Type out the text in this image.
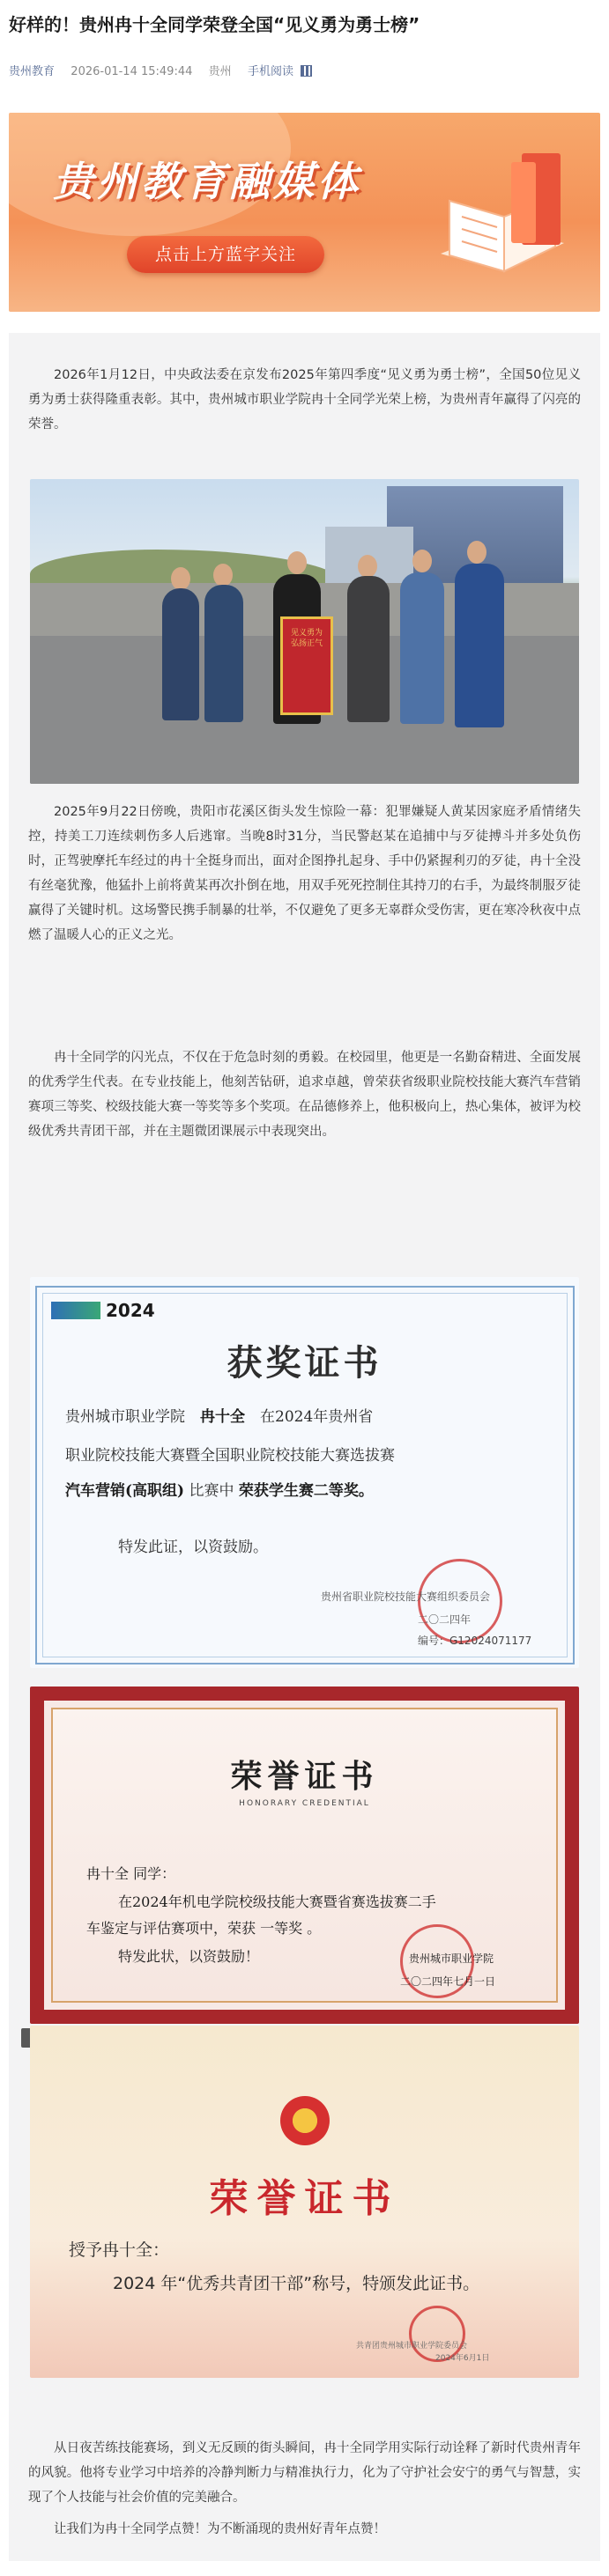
好样的！贵州冉十全同学荣登全国“见义勇为勇士榜”
贵州教育 2026-01-14 15:49:44 贵州 手机阅读
贵州教育融媒体
点击上方蓝字关注

2026年1月12日，中央政法委在京发布2025年第四季度“见义勇为勇士榜”，全国50位见义勇为勇士获得隆重表彰。其中，贵州城市职业学院冉十全同学光荣上榜，为贵州青年赢得了闪亮的荣誉。

见义勇为 弘扬正气

2025年9月22日傍晚，贵阳市花溪区街头发生惊险一幕：犯罪嫌疑人黄某因家庭矛盾情绪失控，持美工刀连续刺伤多人后逃窜。当晚8时31分，当民警赵某在追捕中与歹徒搏斗并多处负伤时，正驾驶摩托车经过的冉十全挺身而出，面对企图挣扎起身、手中仍紧握利刃的歹徒，冉十全没有丝毫犹豫，他猛扑上前将黄某再次扑倒在地，用双手死死控制住其持刀的右手，为最终制服歹徒赢得了关键时机。这场警民携手制暴的壮举，不仅避免了更多无辜群众受伤害，更在寒冷秋夜中点燃了温暖人心的正义之光。

冉十全同学的闪光点，不仅在于危急时刻的勇毅。在校园里，他更是一名勤奋精进、全面发展的优秀学生代表。在专业技能上，他刻苦钻研，追求卓越，曾荣获省级职业院校技能大赛汽车营销赛项三等奖、校级技能大赛一等奖等多个奖项。在品德修养上，他积极向上，热心集体，被评为校级优秀共青团干部，并在主题微团课展示中表现突出。

2024
获奖证书
贵州城市职业学院　 冉十全　 在2024年贵州省
职业院校技能大赛暨全国职业院校技能大赛选拔赛
汽车营销(高职组) 比赛中 荣获学生赛二等奖。
特发此证，以资鼓励。
贵州省职业院校技能大赛组织委员会
二〇二四年
编号：G12024071177
荣誉证书
HONORARY CREDENTIAL
冉十全 同学：
在2024年机电学院校级技能大赛暨省赛选拔赛二手
车鉴定与评估赛项中，荣获 一等奖 。
特发此状，以资鼓励！	贵州城市职业学院
二〇二四年七月一日
荣誉证书
授予冉十全：
2024 年“优秀共青团干部”称号，特颁发此证书。
共青团贵州城市职业学院委员会
2024年6月1日

从日夜苦练技能赛场，到义无反顾的街头瞬间，冉十全同学用实际行动诠释了新时代贵州青年的风貌。他将专业学习中培养的冷静判断力与精准执行力，化为了守护社会安宁的勇气与智慧，实现了个人技能与社会价值的完美融合。

让我们为冉十全同学点赞！为不断涌现的贵州好青年点赞！
